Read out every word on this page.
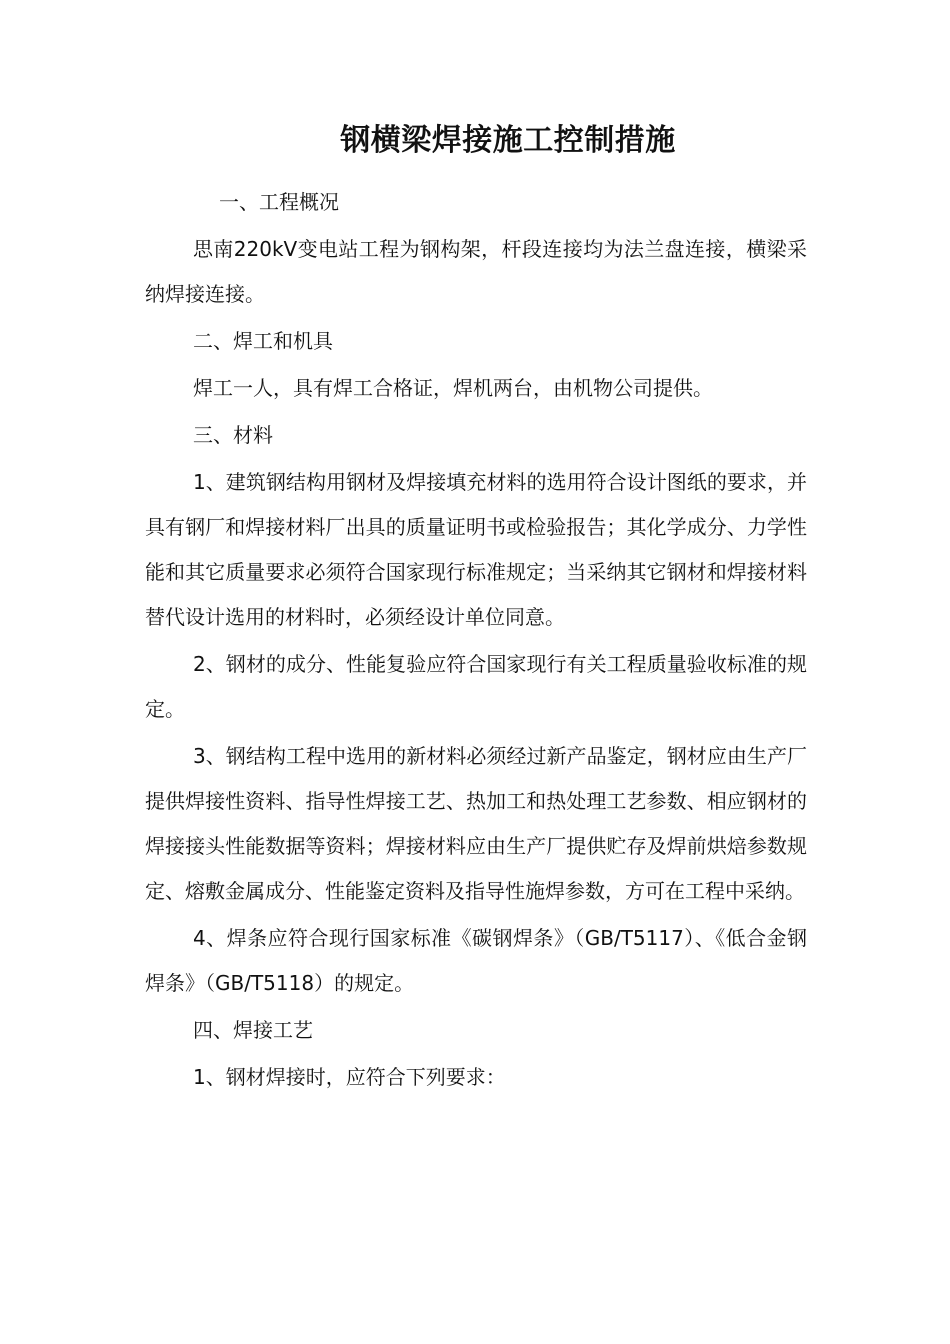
钢横梁焊接施工控制措施

一、工程概况

思南220kV变电站工程为钢构架，杆段连接均为法兰盘连接，横梁采纳焊接连接。

二、焊工和机具

焊工一人，具有焊工合格证，焊机两台，由机物公司提供。

三、材料

1、建筑钢结构用钢材及焊接填充材料的选用符合设计图纸的要求，并具有钢厂和焊接材料厂出具的质量证明书或检验报告；其化学成分、力学性能和其它质量要求必须符合国家现行标准规定；当采纳其它钢材和焊接材料替代设计选用的材料时，必须经设计单位同意。

2、钢材的成分、性能复验应符合国家现行有关工程质量验收标准的规定。

3、钢结构工程中选用的新材料必须经过新产品鉴定，钢材应由生产厂提供焊接性资料、指导性焊接工艺、热加工和热处理工艺参数、相应钢材的焊接接头性能数据等资料；焊接材料应由生产厂提供贮存及焊前烘焙参数规定、熔敷金属成分、性能鉴定资料及指导性施焊参数，方可在工程中采纳。

4、焊条应符合现行国家标准《碳钢焊条》（GB/T5117）、《低合金钢焊条》（GB/T5118）的规定。

四、焊接工艺

1、钢材焊接时，应符合下列要求：
